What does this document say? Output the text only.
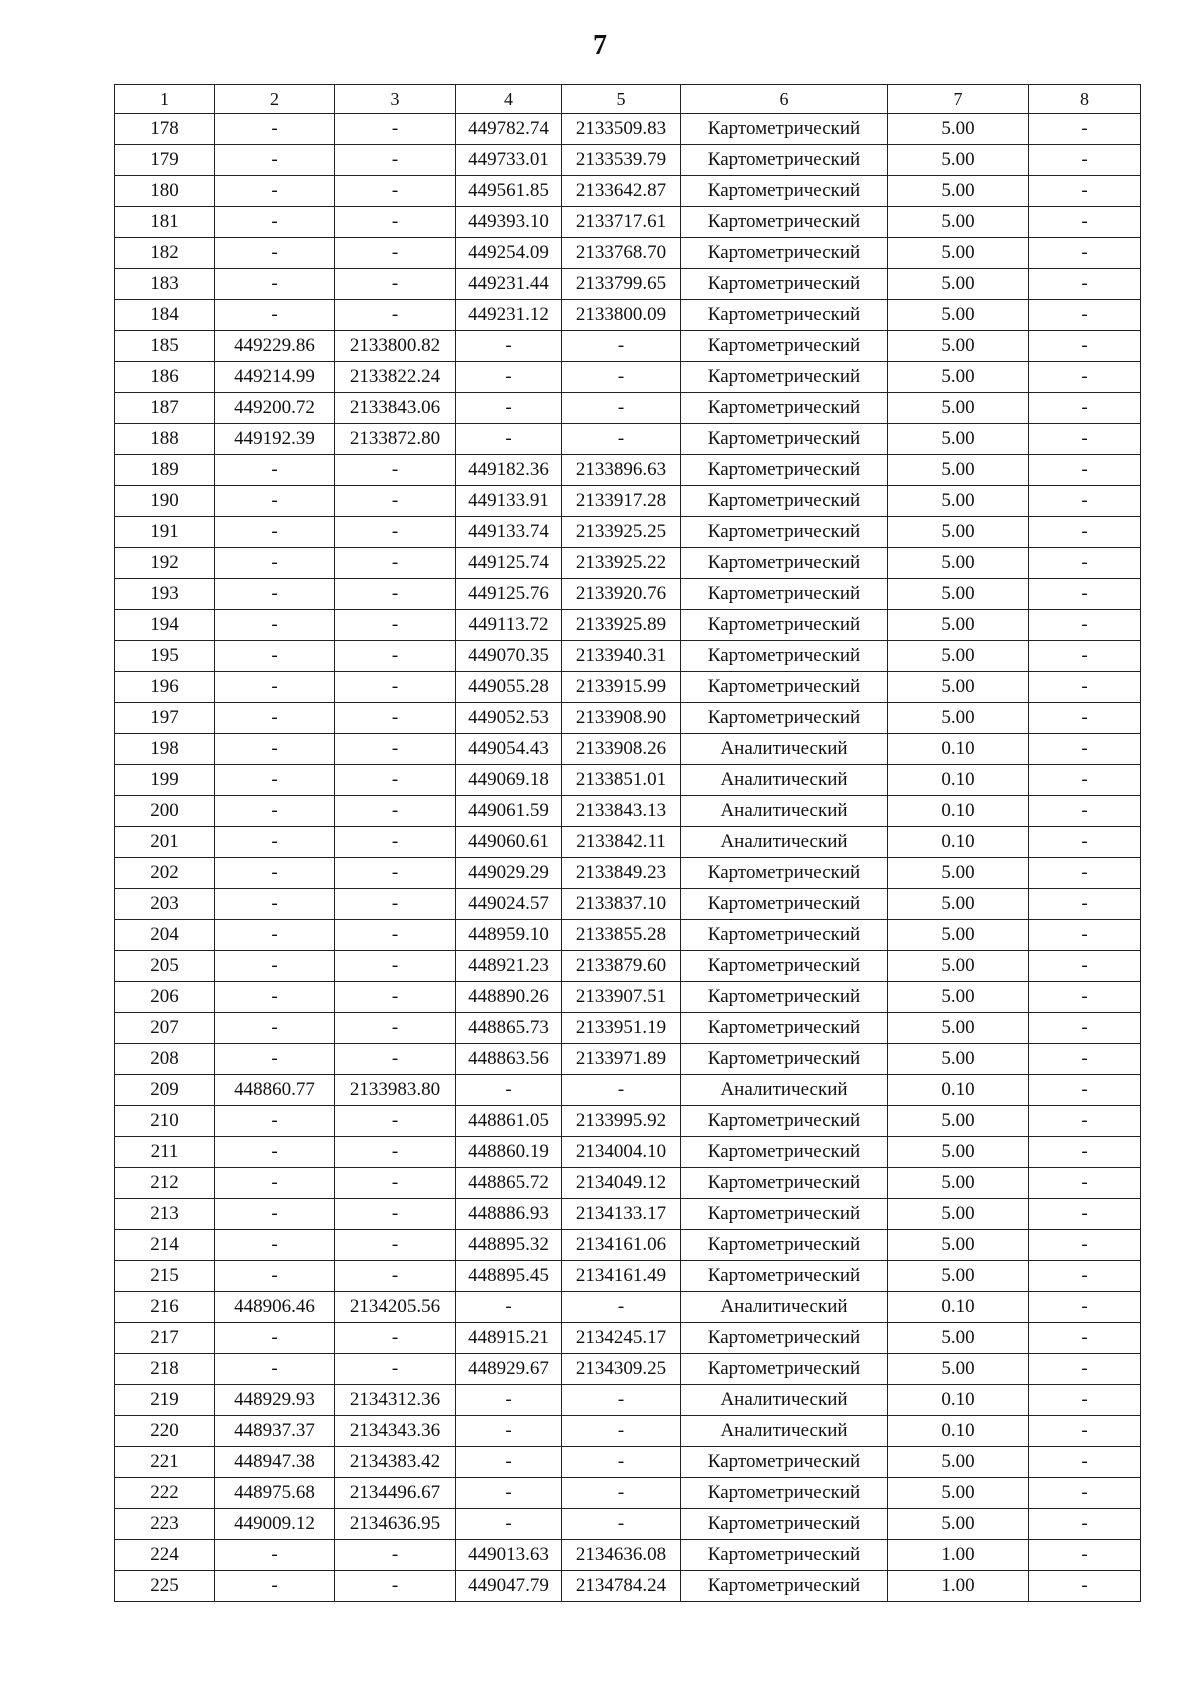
7
1	2	3	4	5	6	7	8
178	-	-	449782.74	2133509.83	Картометрический	5.00	-
179	-	-	449733.01	2133539.79	Картометрический	5.00	-
180	-	-	449561.85	2133642.87	Картометрический	5.00	-
181	-	-	449393.10	2133717.61	Картометрический	5.00	-
182	-	-	449254.09	2133768.70	Картометрический	5.00	-
183	-	-	449231.44	2133799.65	Картометрический	5.00	-
184	-	-	449231.12	2133800.09	Картометрический	5.00	-
185	449229.86	2133800.82	-	-	Картометрический	5.00	-
186	449214.99	2133822.24	-	-	Картометрический	5.00	-
187	449200.72	2133843.06	-	-	Картометрический	5.00	-
188	449192.39	2133872.80	-	-	Картометрический	5.00	-
189	-	-	449182.36	2133896.63	Картометрический	5.00	-
190	-	-	449133.91	2133917.28	Картометрический	5.00	-
191	-	-	449133.74	2133925.25	Картометрический	5.00	-
192	-	-	449125.74	2133925.22	Картометрический	5.00	-
193	-	-	449125.76	2133920.76	Картометрический	5.00	-
194	-	-	449113.72	2133925.89	Картометрический	5.00	-
195	-	-	449070.35	2133940.31	Картометрический	5.00	-
196	-	-	449055.28	2133915.99	Картометрический	5.00	-
197	-	-	449052.53	2133908.90	Картометрический	5.00	-
198	-	-	449054.43	2133908.26	Аналитический	0.10	-
199	-	-	449069.18	2133851.01	Аналитический	0.10	-
200	-	-	449061.59	2133843.13	Аналитический	0.10	-
201	-	-	449060.61	2133842.11	Аналитический	0.10	-
202	-	-	449029.29	2133849.23	Картометрический	5.00	-
203	-	-	449024.57	2133837.10	Картометрический	5.00	-
204	-	-	448959.10	2133855.28	Картометрический	5.00	-
205	-	-	448921.23	2133879.60	Картометрический	5.00	-
206	-	-	448890.26	2133907.51	Картометрический	5.00	-
207	-	-	448865.73	2133951.19	Картометрический	5.00	-
208	-	-	448863.56	2133971.89	Картометрический	5.00	-
209	448860.77	2133983.80	-	-	Аналитический	0.10	-
210	-	-	448861.05	2133995.92	Картометрический	5.00	-
211	-	-	448860.19	2134004.10	Картометрический	5.00	-
212	-	-	448865.72	2134049.12	Картометрический	5.00	-
213	-	-	448886.93	2134133.17	Картометрический	5.00	-
214	-	-	448895.32	2134161.06	Картометрический	5.00	-
215	-	-	448895.45	2134161.49	Картометрический	5.00	-
216	448906.46	2134205.56	-	-	Аналитический	0.10	-
217	-	-	448915.21	2134245.17	Картометрический	5.00	-
218	-	-	448929.67	2134309.25	Картометрический	5.00	-
219	448929.93	2134312.36	-	-	Аналитический	0.10	-
220	448937.37	2134343.36	-	-	Аналитический	0.10	-
221	448947.38	2134383.42	-	-	Картометрический	5.00	-
222	448975.68	2134496.67	-	-	Картометрический	5.00	-
223	449009.12	2134636.95	-	-	Картометрический	5.00	-
224	-	-	449013.63	2134636.08	Картометрический	1.00	-
225	-	-	449047.79	2134784.24	Картометрический	1.00	-
